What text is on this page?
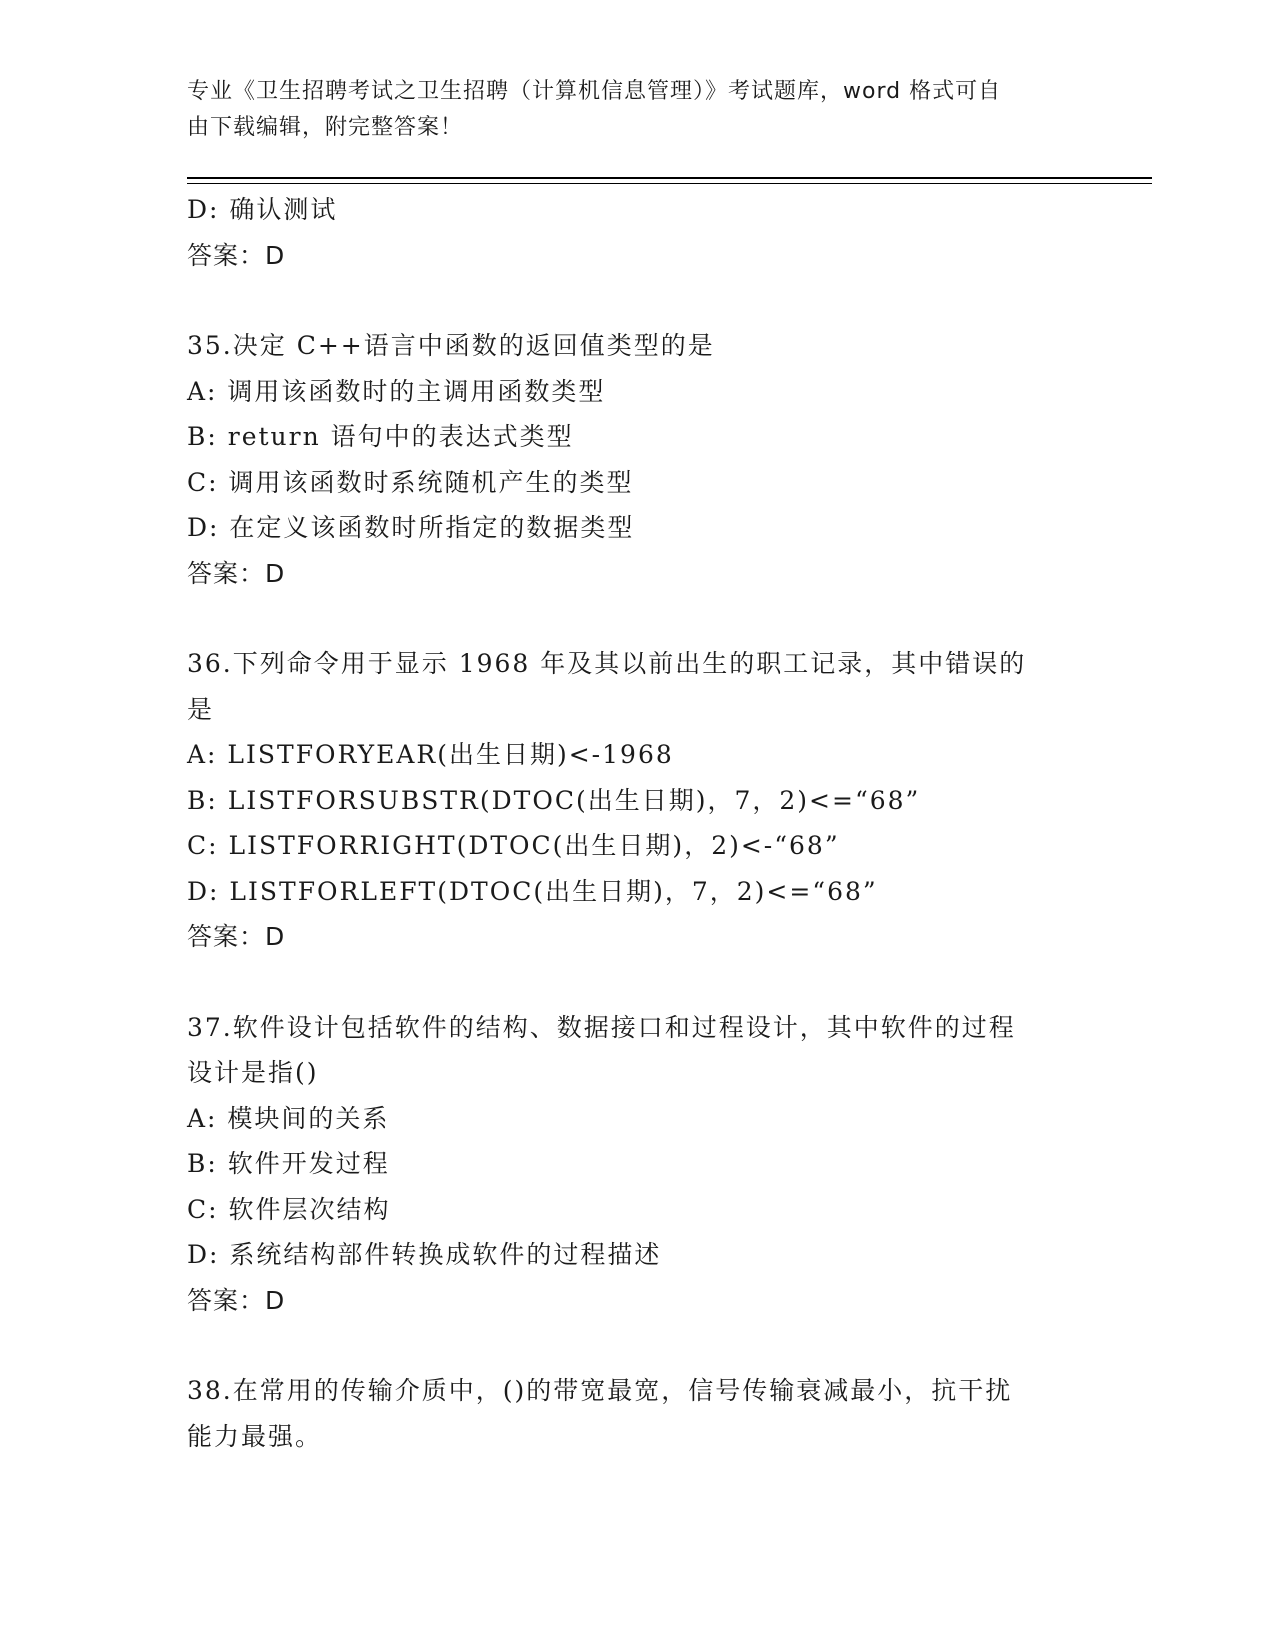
专业《卫生招聘考试之卫生招聘（计算机信息管理）》考试题库，word 格式可自
由下载编辑，附完整答案！

D: 确认测试

答案：D

35.决定 C++语言中函数的返回值类型的是

A: 调用该函数时的主调用函数类型

B: return 语句中的表达式类型

C: 调用该函数时系统随机产生的类型

D: 在定义该函数时所指定的数据类型

答案：D

36.下列命令用于显示 1968 年及其以前出生的职工记录，其中错误的

是

A: LISTFORYEAR(出生日期)<-1968

B: LISTFORSUBSTR(DTOC(出生日期)，7，2)<=“68”

C: LISTFORRIGHT(DTOC(出生日期)，2)<-“68”

D: LISTFORLEFT(DTOC(出生日期)，7，2)<=“68”

答案：D

37.软件设计包括软件的结构、数据接口和过程设计，其中软件的过程

设计是指()

A: 模块间的关系

B: 软件开发过程

C: 软件层次结构

D: 系统结构部件转换成软件的过程描述

答案：D

38.在常用的传输介质中，()的带宽最宽，信号传输衰减最小，抗干扰

能力最强。
